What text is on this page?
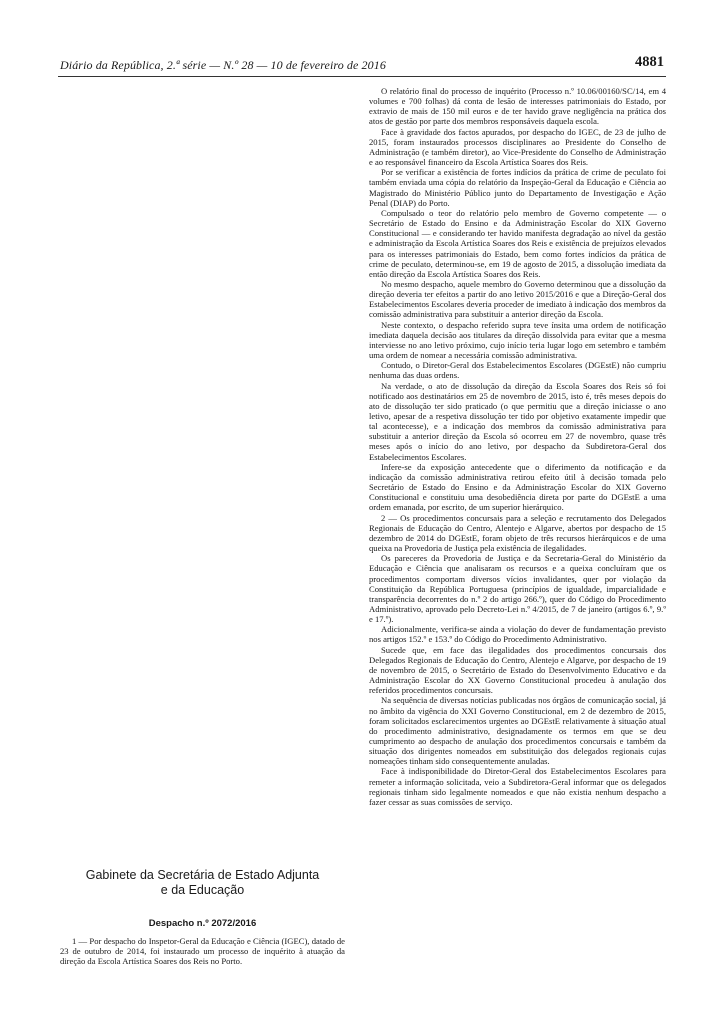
Diário da República, 2.ª série — N.º 28 — 10 de fevereiro de 2016	4881
Gabinete da Secretária de Estado Adjunta
e da Educação
Despacho n.º 2072/2016

1 — Por despacho do Inspetor-Geral da Educação e Ciência (IGEC), datado de 23 de outubro de 2014, foi instaurado um processo de inquérito à atuação da direção da Escola Artística Soares dos Reis no Porto.

O relatório final do processo de inquérito (Processo n.º 10.06/00160/SC/14, em 4 volumes e 700 folhas) dá conta de lesão de interesses patrimoniais do Estado, por extravio de mais de 150 mil euros e de ter havido grave negligência na prática dos atos de gestão por parte dos membros responsáveis daquela escola.

Face à gravidade dos factos apurados, por despacho do IGEC, de 23 de julho de 2015, foram instaurados processos disciplinares ao Presidente do Conselho de Administração (e também diretor), ao Vice-Presidente do Conselho de Administração e ao responsável financeiro da Escola Artística Soares dos Reis.

Por se verificar a existência de fortes indícios da prática de crime de peculato foi também enviada uma cópia do relatório da Inspeção-Geral da Educação e Ciência ao Magistrado do Ministério Público junto do Departamento de Investigação e Ação Penal (DIAP) do Porto.

Compulsado o teor do relatório pelo membro de Governo competente — o Secretário de Estado do Ensino e da Administração Escolar do XIX Governo Constitucional — e considerando ter havido manifesta degradação ao nível da gestão e administração da Escola Artística Soares dos Reis e existência de prejuízos elevados para os interesses patrimoniais do Estado, bem como fortes indícios da prática de crime de peculato, determinou-se, em 19 de agosto de 2015, a dissolução imediata da então direção da Escola Artística Soares dos Reis.

No mesmo despacho, aquele membro do Governo determinou que a dissolução da direção deveria ter efeitos a partir do ano letivo 2015/2016 e que a Direção-Geral dos Estabelecimentos Escolares deveria proceder de imediato à indicação dos membros da comissão administrativa para substituir a anterior direção da Escola.

Neste contexto, o despacho referido supra teve ínsita uma ordem de notificação imediata daquela decisão aos titulares da direção dissolvida para evitar que a mesma interviesse no ano letivo próximo, cujo início teria lugar logo em setembro e também uma ordem de nomear a necessária comissão administrativa.

Contudo, o Diretor-Geral dos Estabelecimentos Escolares (DGEstE) não cumpriu nenhuma das duas ordens.

Na verdade, o ato de dissolução da direção da Escola Soares dos Reis só foi notificado aos destinatários em 25 de novembro de 2015, isto é, três meses depois do ato de dissolução ter sido praticado (o que permitiu que a direção iniciasse o ano letivo, apesar de a respetiva dissolução ter tido por objetivo exatamente impedir que tal acontecesse), e a indicação dos membros da comissão administrativa para substituir a anterior direção da Escola só ocorreu em 27 de novembro, quase três meses após o início do ano letivo, por despacho da Subdiretora-Geral dos Estabelecimentos Escolares.

Infere-se da exposição antecedente que o diferimento da notificação e da indicação da comissão administrativa retirou efeito útil à decisão tomada pelo Secretário de Estado do Ensino e da Administração Escolar do XIX Governo Constitucional e constituiu uma desobediência direta por parte do DGEstE a uma ordem emanada, por escrito, de um superior hierárquico.

2 — Os procedimentos concursais para a seleção e recrutamento dos Delegados Regionais de Educação do Centro, Alentejo e Algarve, abertos por despacho de 15 dezembro de 2014 do DGEstE, foram objeto de três recursos hierárquicos e de uma queixa na Provedoria de Justiça pela existência de ilegalidades.

Os pareceres da Provedoria de Justiça e da Secretaria-Geral do Ministério da Educação e Ciência que analisaram os recursos e a queixa concluíram que os procedimentos comportam diversos vícios invalidantes, quer por violação da Constituição da República Portuguesa (princípios de igualdade, imparcialidade e transparência decorrentes do n.º 2 do artigo 266.º), quer do Código do Procedimento Administrativo, aprovado pelo Decreto-Lei n.º 4/2015, de 7 de janeiro (artigos 6.º, 9.º e 17.º).

Adicionalmente, verifica-se ainda a violação do dever de fundamentação previsto nos artigos 152.º e 153.º do Código do Procedimento Administrativo.

Sucede que, em face das ilegalidades dos procedimentos concursais dos Delegados Regionais de Educação do Centro, Alentejo e Algarve, por despacho de 19 de novembro de 2015, o Secretário de Estado do Desenvolvimento Educativo e da Administração Escolar do XX Governo Constitucional procedeu à anulação dos referidos procedimentos concursais.

Na sequência de diversas notícias publicadas nos órgãos de comunicação social, já no âmbito da vigência do XXI Governo Constitucional, em 2 de dezembro de 2015, foram solicitados esclarecimentos urgentes ao DGEstE relativamente à situação atual do procedimento administrativo, designadamente os termos em que se deu cumprimento ao despacho de anulação dos procedimentos concursais e também da situação dos dirigentes nomeados em substituição dos delegados regionais cujas nomeações tinham sido consequentemente anuladas.

Face à indisponibilidade do Diretor-Geral dos Estabelecimentos Escolares para remeter a informação solicitada, veio a Subdiretora-Geral informar que os delegados regionais tinham sido legalmente nomeados e que não existia nenhum despacho a fazer cessar as suas comissões de serviço.
